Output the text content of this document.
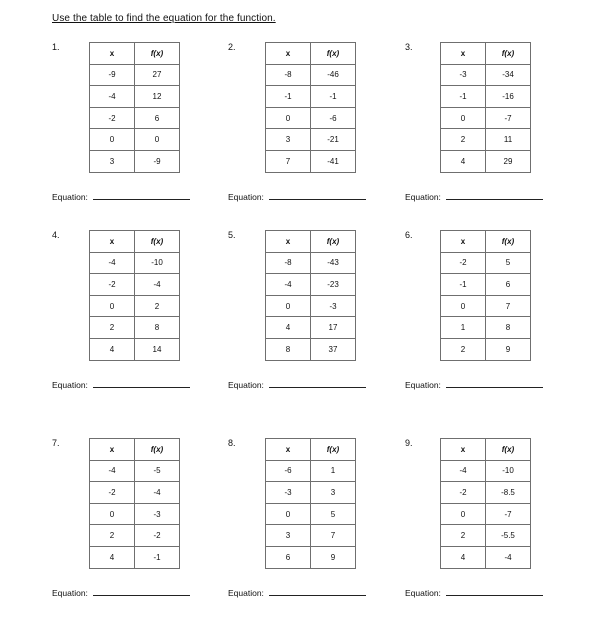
Use the table to find the equation for the function.
1.
x	f(x)
-9	27
-4	12
-2	6
0	0
3	-9
Equation:
2.
x	f(x)
-8	-46
-1	-1
0	-6
3	-21
7	-41
Equation:
3.
x	f(x)
-3	-34
-1	-16
0	-7
2	11
4	29
Equation:
4.
x	f(x)
-4	-10
-2	-4
0	2
2	8
4	14
Equation:
5.
x	f(x)
-8	-43
-4	-23
0	-3
4	17
8	37
Equation:
6.
x	f(x)
-2	5
-1	6
0	7
1	8
2	9
Equation:
7.
x	f(x)
-4	-5
-2	-4
0	-3
2	-2
4	-1
Equation:
8.
x	f(x)
-6	1
-3	3
0	5
3	7
6	9
Equation:
9.
x	f(x)
-4	-10
-2	-8.5
0	-7
2	-5.5
4	-4
Equation:
